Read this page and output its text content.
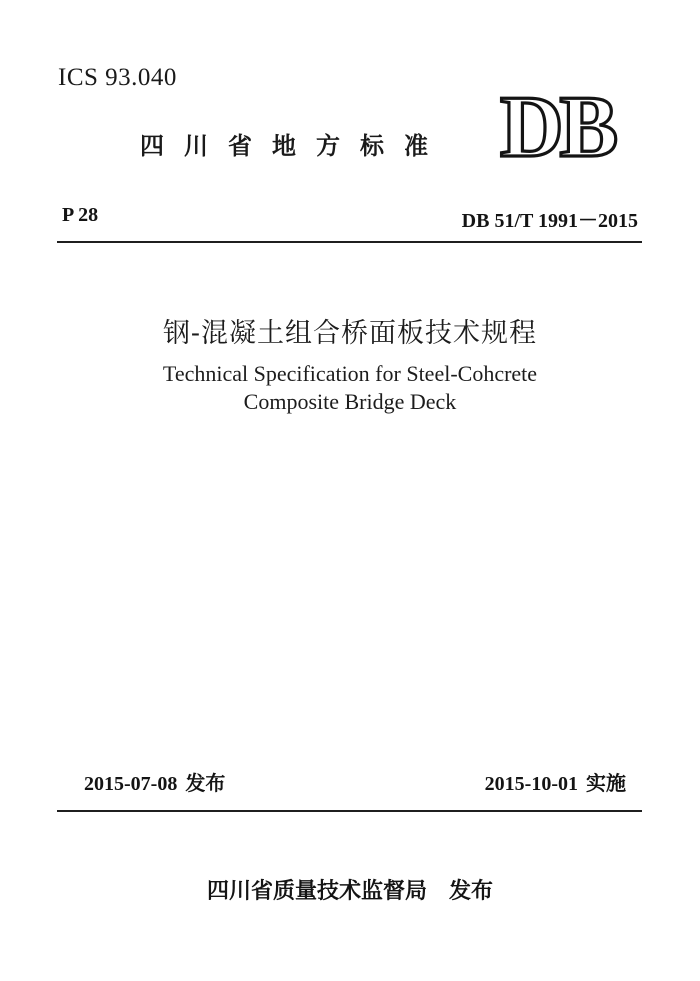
ICS 93.040
四川省地方标准 DB
P 28	DB 51/T 1991－2015
钢-混凝土组合桥面板技术规程
Technical Specification for Steel-Cohcrete
Composite Bridge Deck
2015-07-08 发布	2015-10-01 实施
四川省质量技术监督局 发布
